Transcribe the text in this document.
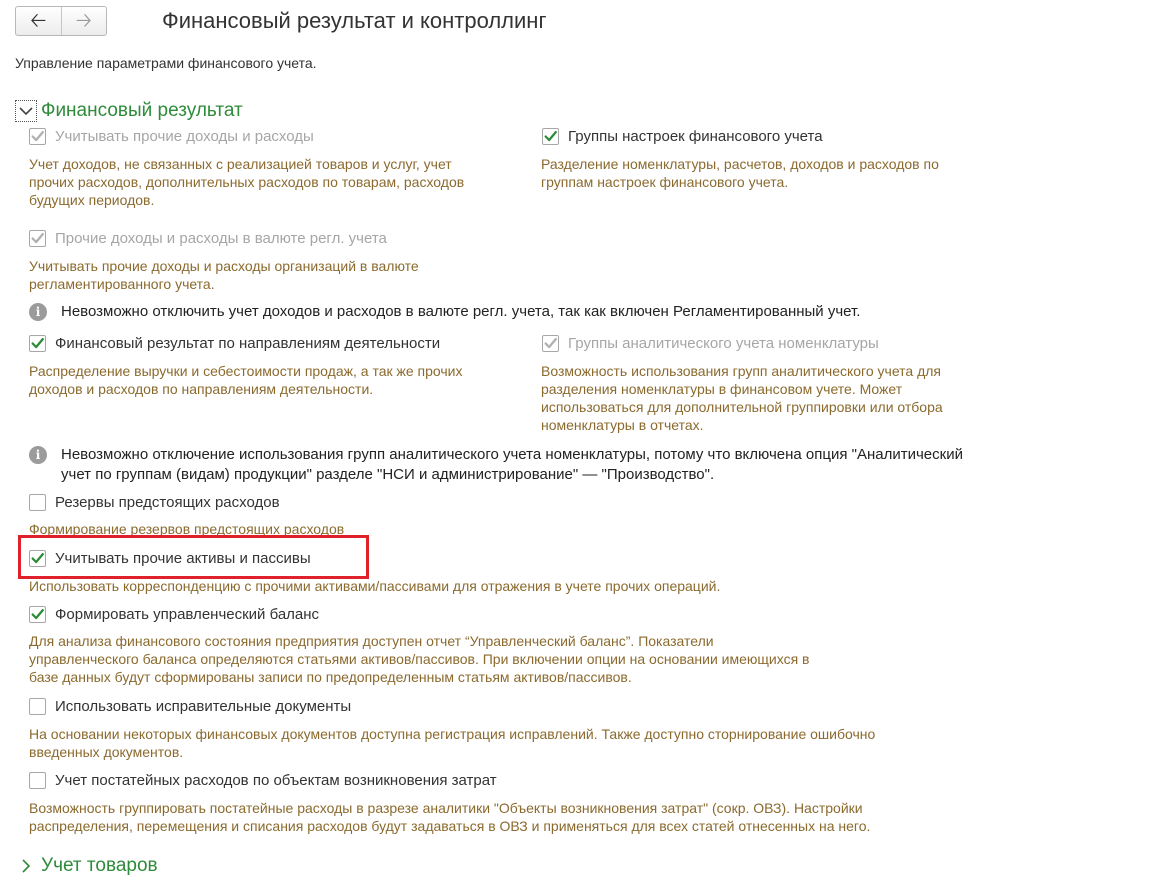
🡠 🡢	Финансовый результат и контроллинг
Управление параметрами финансового учета.
Финансовый результат
Учитывать прочие доходы и расходы
Учет доходов, не связанных с реализацией товаров и услуг, учет
прочих расходов, дополнительных расходов по товарам, расходов
будущих периодов.
Группы настроек финансового учета
Разделение номенклатуры, расчетов, доходов и расходов по
группам настроек финансового учета.
Прочие доходы и расходы в валюте регл. учета
Учитывать прочие доходы и расходы организаций в валюте
регламентированного учета.
i	Невозможно отключить учет доходов и расходов в валюте регл. учета, так как включен Регламентированный учет.
Финансовый результат по направлениям деятельности
Распределение выручки и себестоимости продаж, а так же прочих
доходов и расходов по направлениям деятельности.
Группы аналитического учета номенклатуры
Возможность использования групп аналитического учета для
разделения номенклатуры в финансовом учете. Может
использоваться для дополнительной группировки или отбора
номенклатуры в отчетах.
i	Невозможно отключение использования групп аналитического учета номенклатуры, потому что включена опция "Аналитический
учет по группам (видам) продукции" разделе "НСИ и администрирование" — "Производство".
Резервы предстоящих расходов
Формирование резервов предстоящих расходов
Учитывать прочие активы и пассивы
Использовать корреспонденцию с прочими активами/пассивами для отражения в учете прочих операций.
Формировать управленческий баланс
Для анализа финансового состояния предприятия доступен отчет “Управленческий баланс”. Показатели
управленческого баланса определяются статьями активов/пассивов. При включении опции на основании имеющихся в
базе данных будут сформированы записи по предопределенным статьям активов/пассивов.
Использовать исправительные документы
На основании некоторых финансовых документов доступна регистрация исправлений. Также доступно сторнирование ошибочно
введенных документов.
Учет постатейных расходов по объектам возникновения затрат
Возможность группировать постатейные расходы в разрезе аналитики "Объекты возникновения затрат" (сокр. ОВЗ). Настройки
распределения, перемещения и списания расходов будут задаваться в ОВЗ и применяться для всех статей отнесенных на него.
Учет товаров
